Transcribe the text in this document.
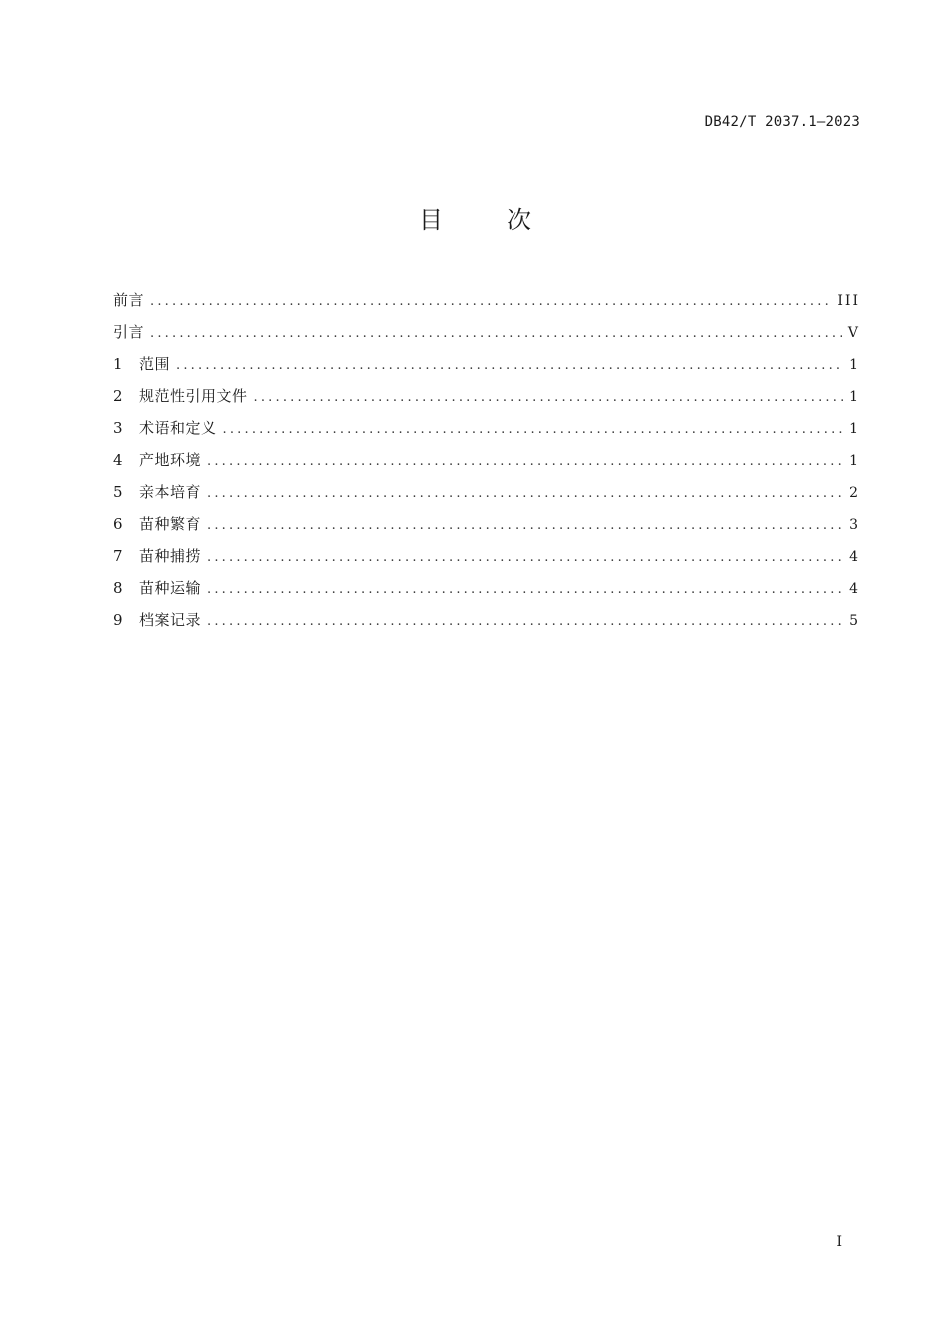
DB42/T 2037.1—2023
目次
前言 .....	III
引言 .....	V
1	范围 .....	1
2	规范性引用文件 .....	1
3	术语和定义 .....	1
4	产地环境 .....	1
5	亲本培育 .....	2
6	苗种繁育 .....	3
7	苗种捕捞 .....	4
8	苗种运输 .....	4
9	档案记录 .....	5
I
